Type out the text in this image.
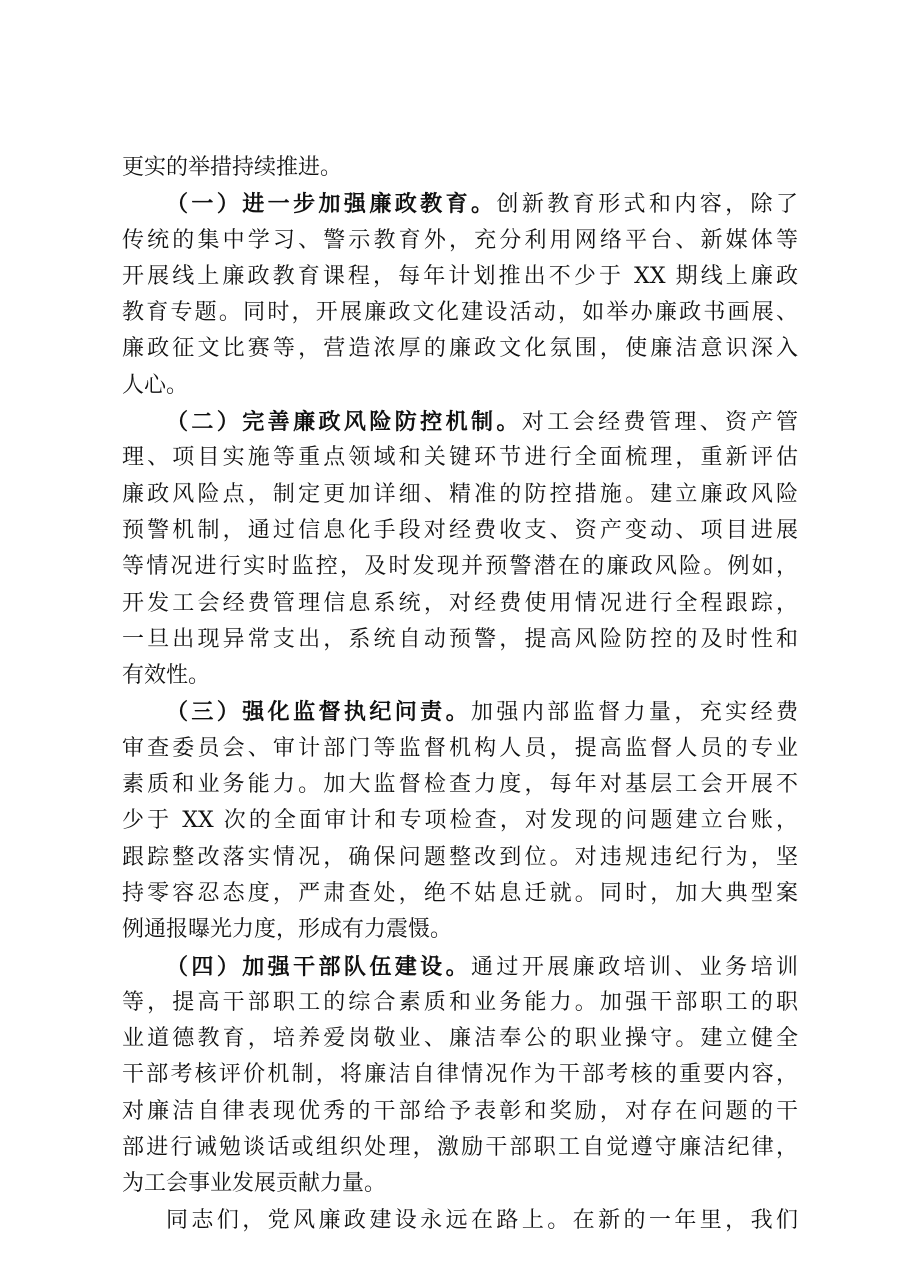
更实的举措持续推进。
（一）进一步加强廉政教育。创新教育形式和内容，除了
传统的集中学习、警示教育外，充分利用网络平台、新媒体等
开展线上廉政教育课程，每年计划推出不少于 XX 期线上廉政
教育专题。同时，开展廉政文化建设活动，如举办廉政书画展、
廉政征文比赛等，营造浓厚的廉政文化氛围，使廉洁意识深入
人心。
（二）完善廉政风险防控机制。对工会经费管理、资产管
理、项目实施等重点领域和关键环节进行全面梳理，重新评估
廉政风险点，制定更加详细、精准的防控措施。建立廉政风险
预警机制，通过信息化手段对经费收支、资产变动、项目进展
等情况进行实时监控，及时发现并预警潜在的廉政风险。例如，
开发工会经费管理信息系统，对经费使用情况进行全程跟踪，
一旦出现异常支出，系统自动预警，提高风险防控的及时性和
有效性。
（三）强化监督执纪问责。加强内部监督力量，充实经费
审查委员会、审计部门等监督机构人员，提高监督人员的专业
素质和业务能力。加大监督检查力度，每年对基层工会开展不
少于 XX 次的全面审计和专项检查，对发现的问题建立台账，
跟踪整改落实情况，确保问题整改到位。对违规违纪行为，坚
持零容忍态度，严肃查处，绝不姑息迁就。同时，加大典型案
例通报曝光力度，形成有力震慑。
（四）加强干部队伍建设。通过开展廉政培训、业务培训
等，提高干部职工的综合素质和业务能力。加强干部职工的职
业道德教育，培养爱岗敬业、廉洁奉公的职业操守。建立健全
干部考核评价机制，将廉洁自律情况作为干部考核的重要内容，
对廉洁自律表现优秀的干部给予表彰和奖励，对存在问题的干
部进行诫勉谈话或组织处理，激励干部职工自觉遵守廉洁纪律，
为工会事业发展贡献力量。
同志们，党风廉政建设永远在路上。在新的一年里，我们
